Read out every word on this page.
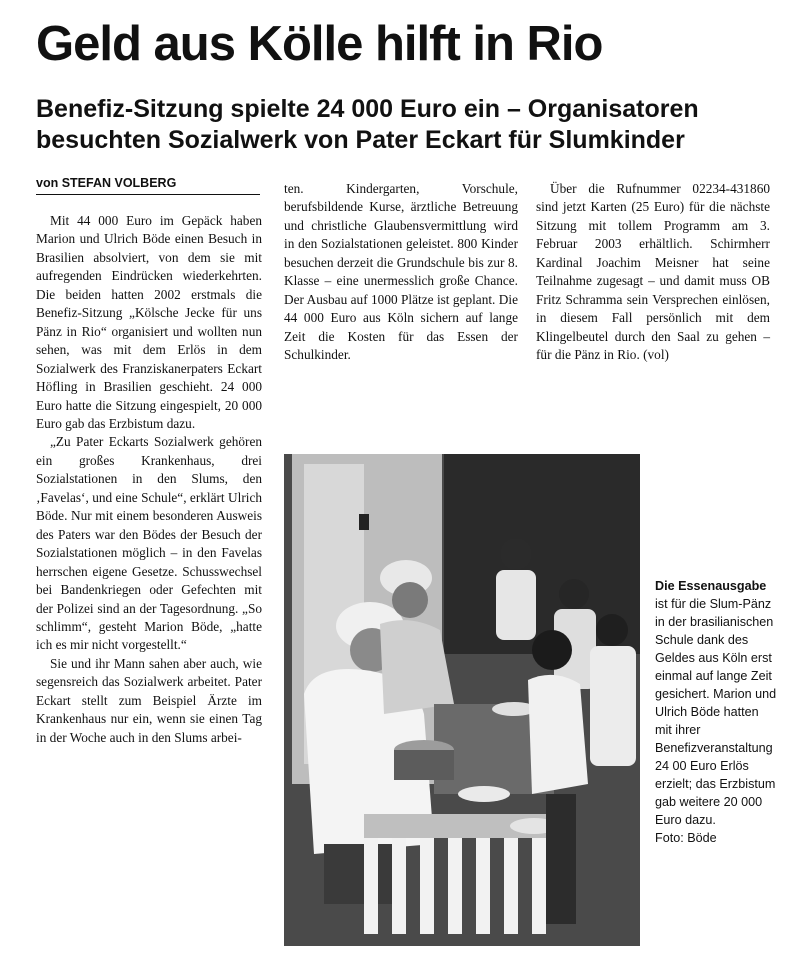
Geld aus Kölle hilft in Rio
Benefiz-Sitzung spielte 24 000 Euro ein – Organisatoren besuchten Sozialwerk von Pater Eckart für Slumkinder
von STEFAN VOLBERG

Mit 44 000 Euro im Gepäck haben Marion und Ulrich Böde einen Besuch in Brasilien absolviert, von dem sie mit aufregenden Eindrücken wiederkehrten. Die beiden hatten 2002 erstmals die Benefiz-Sitzung „Kölsche Jecke für uns Pänz in Rio“ organisiert und wollten nun sehen, was mit dem Erlös in dem Sozialwerk des Franziskanerpaters Eckart Höfling in Brasilien geschieht. 24 000 Euro hatte die Sitzung eingespielt, 20 000 Euro gab das Erzbistum dazu.

„Zu Pater Eckarts Sozialwerk gehören ein großes Krankenhaus, drei Sozialstationen in den Slums, den ‚Favelas‘, und eine Schule“, erklärt Ulrich Böde. Nur mit einem besonderen Ausweis des Paters war den Bödes der Besuch der Sozialstationen möglich – in den Favelas herrschen eigene Gesetze. Schusswechsel bei Bandenkriegen oder Gefechten mit der Polizei sind an der Tagesordnung. „So schlimm“, gesteht Marion Böde, „hatte ich es mir nicht vorgestellt.“

Sie und ihr Mann sahen aber auch, wie segensreich das Sozialwerk arbeitet. Pater Eckart stellt zum Beispiel Ärzte im Krankenhaus nur ein, wenn sie einen Tag in der Woche auch in den Slums arbei-

ten. Kindergarten, Vorschule, berufsbildende Kurse, ärztliche Betreuung und christliche Glaubensvermittlung wird in den Sozialstationen geleistet. 800 Kinder besuchen derzeit die Grundschule bis zur 8. Klasse – eine unermesslich große Chance. Der Ausbau auf 1000 Plätze ist geplant. Die 44 000 Euro aus Köln sichern auf lange Zeit die Kosten für das Essen der Schulkinder.

Über die Rufnummer 02234-431860 sind jetzt Karten (25 Euro) für die nächste Sitzung mit tollem Programm am 3. Februar 2003 erhältlich. Schirmherr Kardinal Joachim Meisner hat seine Teilnahme zugesagt – und damit muss OB Fritz Schramma sein Versprechen einlösen, in diesem Fall persönlich mit dem Klingelbeutel durch den Saal zu gehen – für die Pänz in Rio. (vol)

Die Essenausgabe ist für die Slum-Pänz in der brasilianischen Schule dank des Geldes aus Köln erst einmal auf lange Zeit gesichert. Marion und Ulrich Böde hatten mit ihrer Benefizveranstaltung 24 00 Euro Erlös erzielt; das Erzbistum gab weitere 20 000 Euro dazu.
Foto: Böde
